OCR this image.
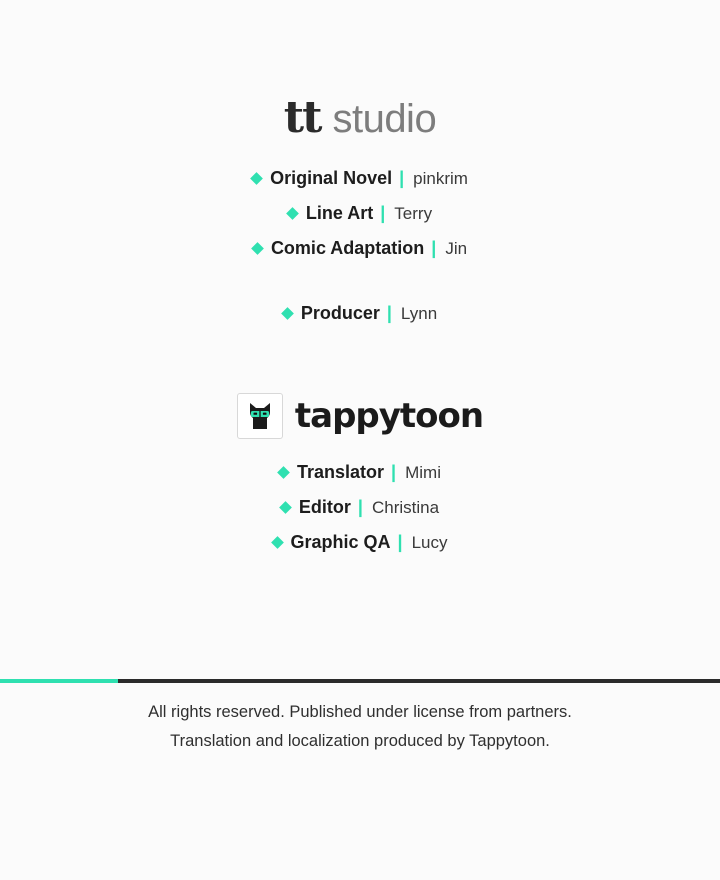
tt studio
Original Novel | pinkrim
Line Art | Terry
Comic Adaptation | Jin
Producer | Lynn
tappytoon
Translator | Mimi
Editor | Christina
Graphic QA | Lucy
All rights reserved. Published under license from partners.
Translation and localization produced by Tappytoon.
